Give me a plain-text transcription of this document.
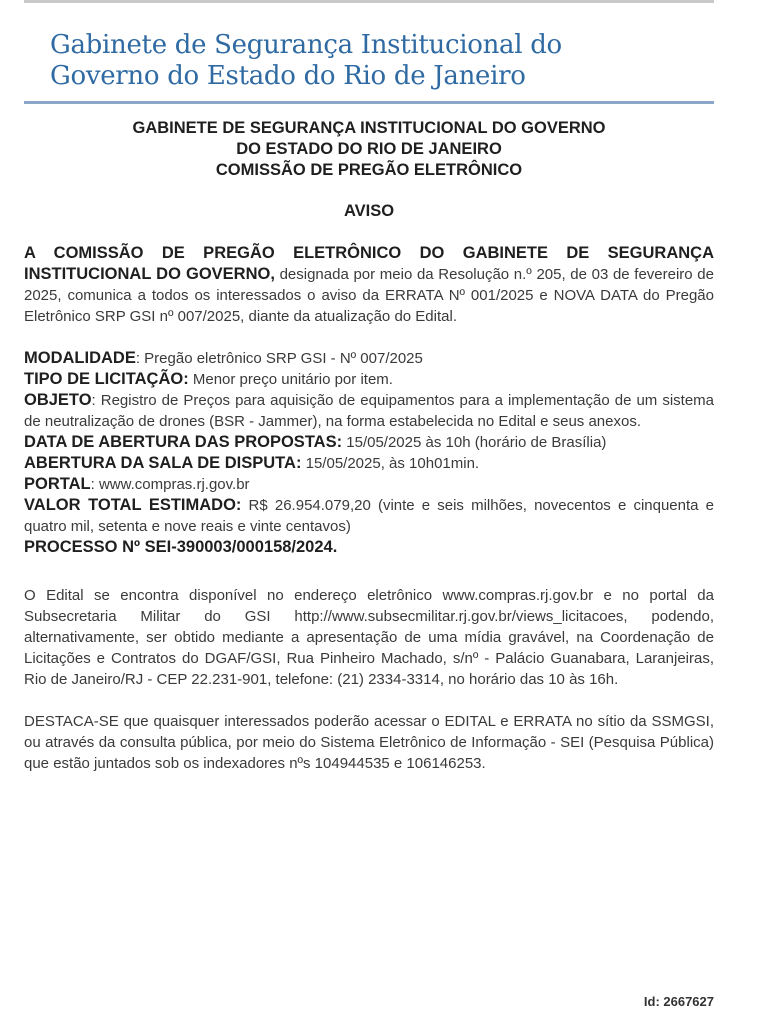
Gabinete de Segurança Institucional do
Governo do Estado do Rio de Janeiro
GABINETE DE SEGURANÇA INSTITUCIONAL DO GOVERNO
DO ESTADO DO RIO DE JANEIRO
COMISSÃO DE PREGÃO ELETRÔNICO
AVISO

A COMISSÃO DE PREGÃO ELETRÔNICO DO GABINETE DE SEGURANÇA INSTITUCIONAL DO GOVERNO, designada por meio da Resolução n.º 205, de 03 de fevereiro de 2025, comunica a todos os interessados o aviso da ERRATA Nº 001/2025 e NOVA DATA do Pregão Eletrônico SRP GSI nº 007/2025, diante da atualização do Edital.

MODALIDADE: Pregão eletrônico SRP GSI - Nº 007/2025

TIPO DE LICITAÇÃO: Menor preço unitário por item.

OBJETO: Registro de Preços para aquisição de equipamentos para a implementação de um sistema de neutralização de drones (BSR - Jammer), na forma estabelecida no Edital e seus anexos.

DATA DE ABERTURA DAS PROPOSTAS: 15/05/2025 às 10h (horário de Brasília)

ABERTURA DA SALA DE DISPUTA: 15/05/2025, às 10h01min.

PORTAL: www.compras.rj.gov.br

VALOR TOTAL ESTIMADO: R$ 26.954.079,20 (vinte e seis milhões, novecentos e cinquenta e quatro mil, setenta e nove reais e vinte centavos)

PROCESSO Nº SEI-390003/000158/2024.

O Edital se encontra disponível no endereço eletrônico www.compras.rj.gov.br e no portal da Subsecretaria Militar do GSI http://www.subsecmilitar.rj.gov.br/views_licitacoes, podendo, alternativamente, ser obtido mediante a apresentação de uma mídia gravável, na Coordenação de Licitações e Contratos do DGAF/GSI, Rua Pinheiro Machado, s/nº - Palácio Guanabara, Laranjeiras, Rio de Janeiro/RJ - CEP 22.231-901, telefone: (21) 2334-3314, no horário das 10 às 16h.

DESTACA-SE que quaisquer interessados poderão acessar o EDITAL e ERRATA no sítio da SSMGSI, ou através da consulta pública, por meio do Sistema Eletrônico de Informação - SEI (Pesquisa Pública) que estão juntados sob os indexadores nºs 104944535 e 106146253.

Id: 2667627
